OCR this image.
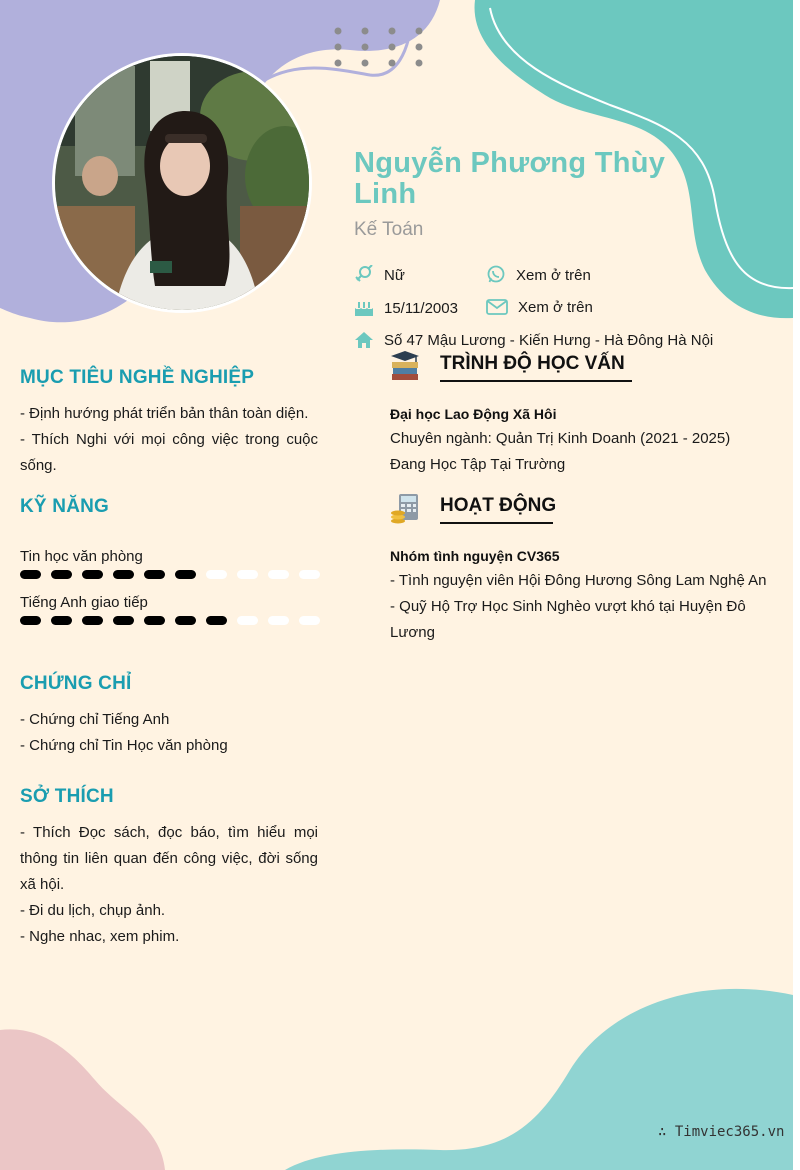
Nguyễn Phương Thùy Linh
Kế Toán
Nữ	Xem ở trên
15/11/2003	Xem ở trên
Số 47 Mậu Lương - Kiến Hưng - Hà Đông Hà Nội
MỤC TIÊU NGHỀ NGHIỆP
- Định hướng phát triển bản thân toàn diện.
- Thích Nghi với mọi công việc trong cuộc sống.
KỸ NĂNG
Tin học văn phòng
Tiếng Anh giao tiếp
CHỨNG CHỈ
- Chứng chỉ Tiếng Anh
- Chứng chỉ Tin Học văn phòng
SỞ THÍCH
- Thích Đọc sách, đọc báo, tìm hiểu mọi thông tin liên quan đến công việc, đời sống xã hội.
- Đi du lịch, chụp ảnh.
- Nghe nhac, xem phim.
TRÌNH ĐỘ HỌC VẤN
Đại học Lao Động Xã Hôi
Chuyên ngành: Quản Trị Kinh Doanh (2021 - 2025)
Đang Học Tập Tại Trường
HOẠT ĐỘNG
Nhóm tình nguyện CV365
- Tình nguyện viên Hội Đông Hương Sông Lam Nghệ An
- Quỹ Hộ Trợ Học Sinh Nghèo vượt khó tại Huyện Đô Lương
∴ Timviec365.vn
